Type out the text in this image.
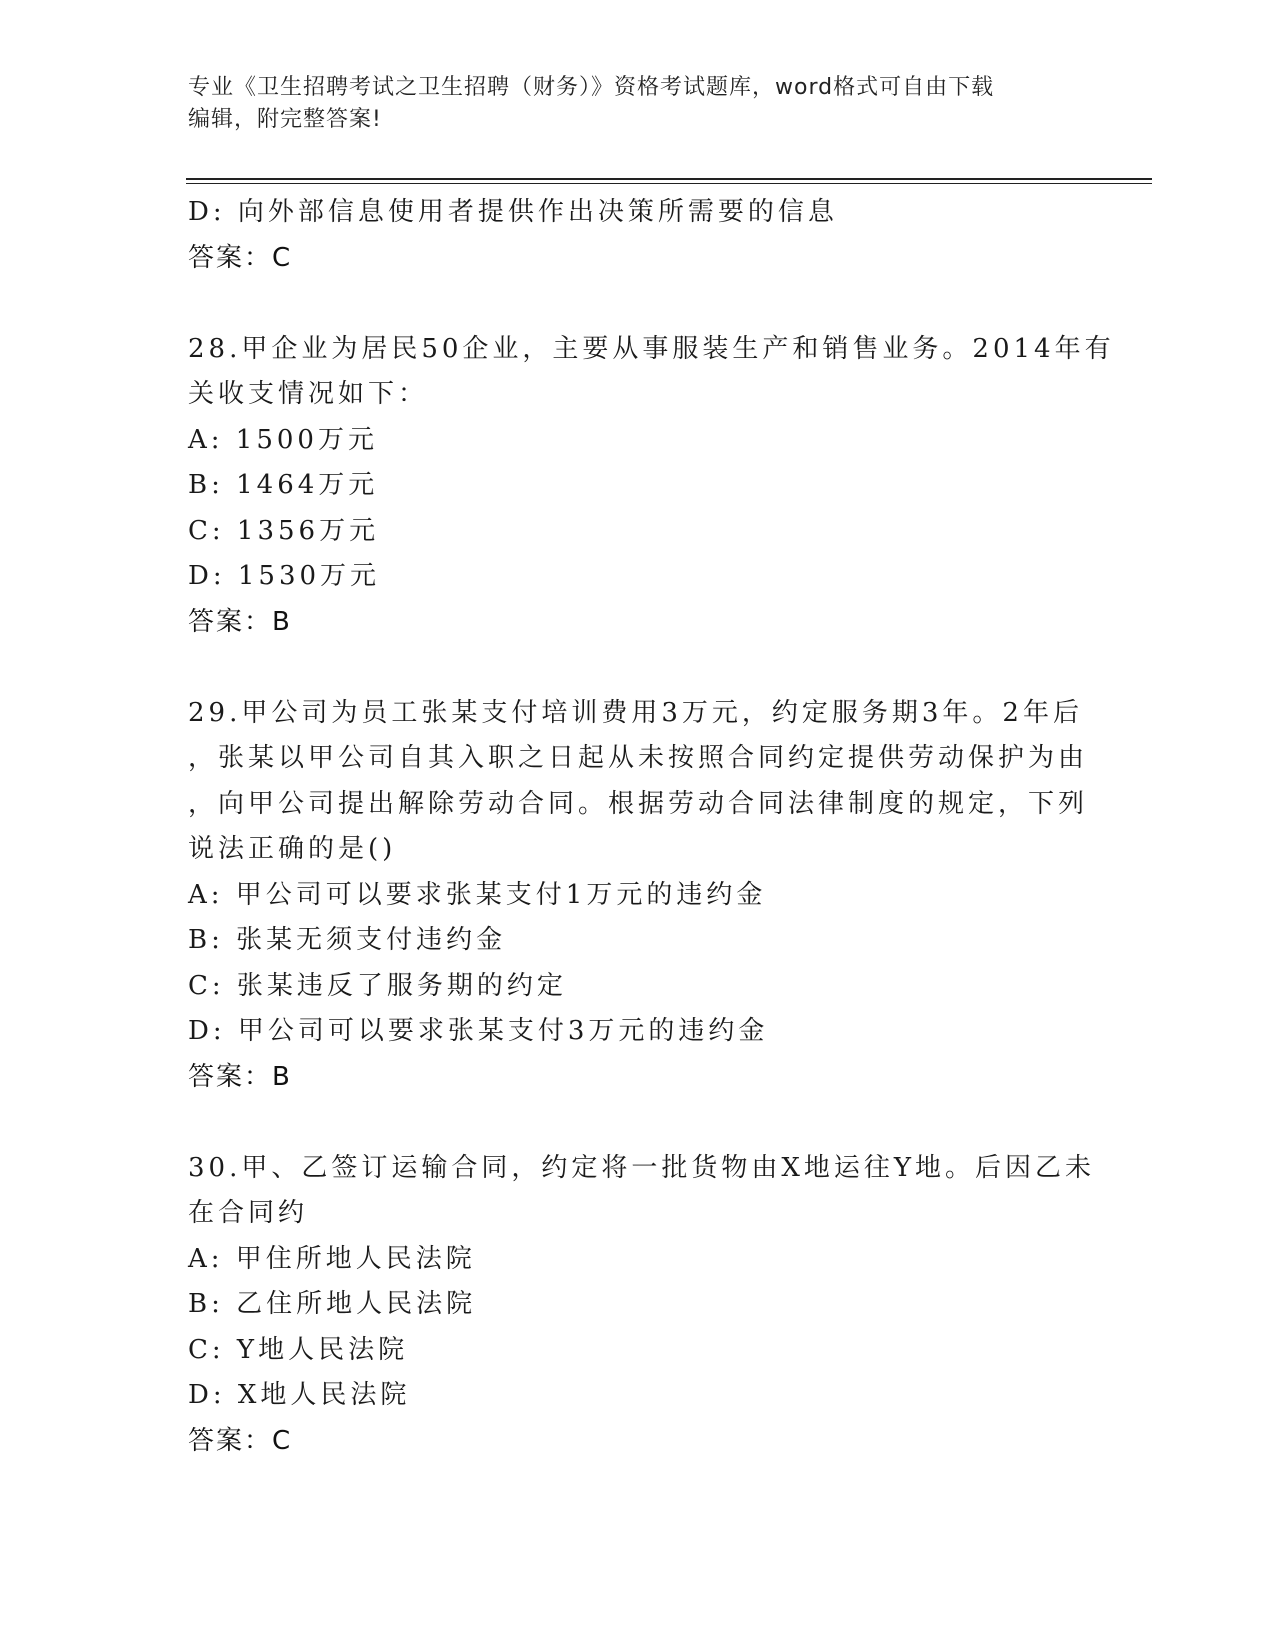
专业《卫生招聘考试之卫生招聘（财务）》资格考试题库，word格式可自由下载
编辑，附完整答案!
D: 向外部信息使用者提供作出决策所需要的信息
答案：C
28.甲企业为居民50企业，主要从事服装生产和销售业务。2014年有
关收支情况如下：
A: 1500万元
B: 1464万元
C: 1356万元
D: 1530万元
答案：B
29.甲公司为员工张某支付培训费用3万元，约定服务期3年。2年后
，张某以甲公司自其入职之日起从未按照合同约定提供劳动保护为由
，向甲公司提出解除劳动合同。根据劳动合同法律制度的规定，下列
说法正确的是()
A: 甲公司可以要求张某支付1万元的违约金
B: 张某无须支付违约金
C: 张某违反了服务期的约定
D: 甲公司可以要求张某支付3万元的违约金
答案：B
30.甲、乙签订运输合同，约定将一批货物由X地运往Y地。后因乙未
在合同约
A: 甲住所地人民法院
B: 乙住所地人民法院
C: Y地人民法院
D: X地人民法院
答案：C
